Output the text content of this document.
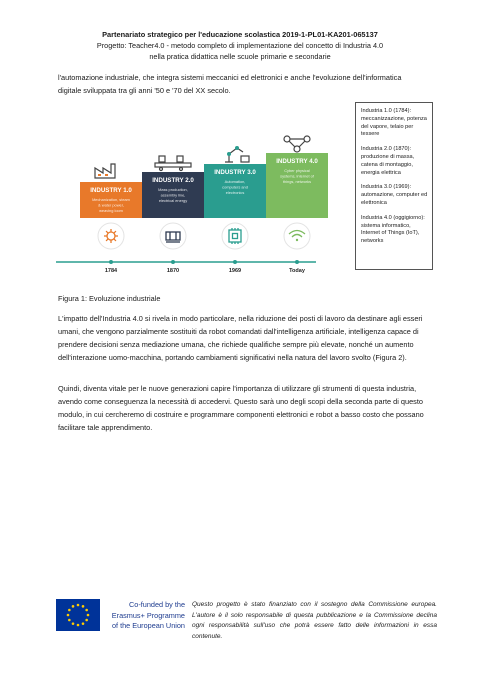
Partenariato strategico per l'educazione scolastica 2019-1-PL01-KA201-065137
Progetto: Teacher4.0 - metodo completo di implementazione del concetto di Industria 4.0
nella pratica didattica nelle scuole primarie e secondarie

l'automazione industriale, che integra sistemi meccanici ed elettronici e anche l'evoluzione dell'informatica digitale sviluppata tra gli anni '50 e '70 del XX secolo.

INDUSTRY 1.0
Mechanization, steam
& water power,
weaving loom
INDUSTRY 2.0
Mass production,
assembly line,
electrical energy
INDUSTRY 3.0
Automation,
computers and
electronics
INDUSTRY 4.0
Cyber physical
systems, internet of
things, networks
1784	1870	1969	Today
Industria 1.0 (1784): meccanizzazione, potenza del vapore, telaio per tessere
Industria 2.0 (1870): produzione di massa, catena di montaggio, energia elettrica
Industria 3.0 (1969): automazione, computer ed elettronica
Industria 4.0 (oggigiorno): sistema informatico, Internet of Things (IoT), networks
Figura 1: Evoluzione industriale

L'impatto dell'Industria 4.0 si rivela in modo particolare, nella riduzione dei posti di lavoro da destinare agli esseri umani, che vengono parzialmente sostituiti da robot comandati dall'intelligenza artificiale, intelligenza capace di prendere decisioni senza mediazione umana, che richiede qualifiche sempre più elevate, nonché un aumento dell'interazione uomo-macchina, portando cambiamenti significativi nella natura del lavoro svolto (Figura 2).

Quindi, diventa vitale per le nuove generazioni capire l'importanza di utilizzare gli strumenti di questa industria, avendo come conseguenza la necessità di accedervi. Questo sarà uno degli scopi della seconda parte di questo modulo, in cui cercheremo di costruire e programmare componenti elettronici e robot a basso costo che possano facilitare tale apprendimento.

Co-funded by the
Erasmus+ Programme
of the European Union
Questo progetto è stato finanziato con il sostegno della Commissione europea. L'autore è il solo responsabile di questa pubblicazione e la Commissione declina ogni responsabilità sull'uso che potrà essere fatto delle informazioni in essa contenute.
